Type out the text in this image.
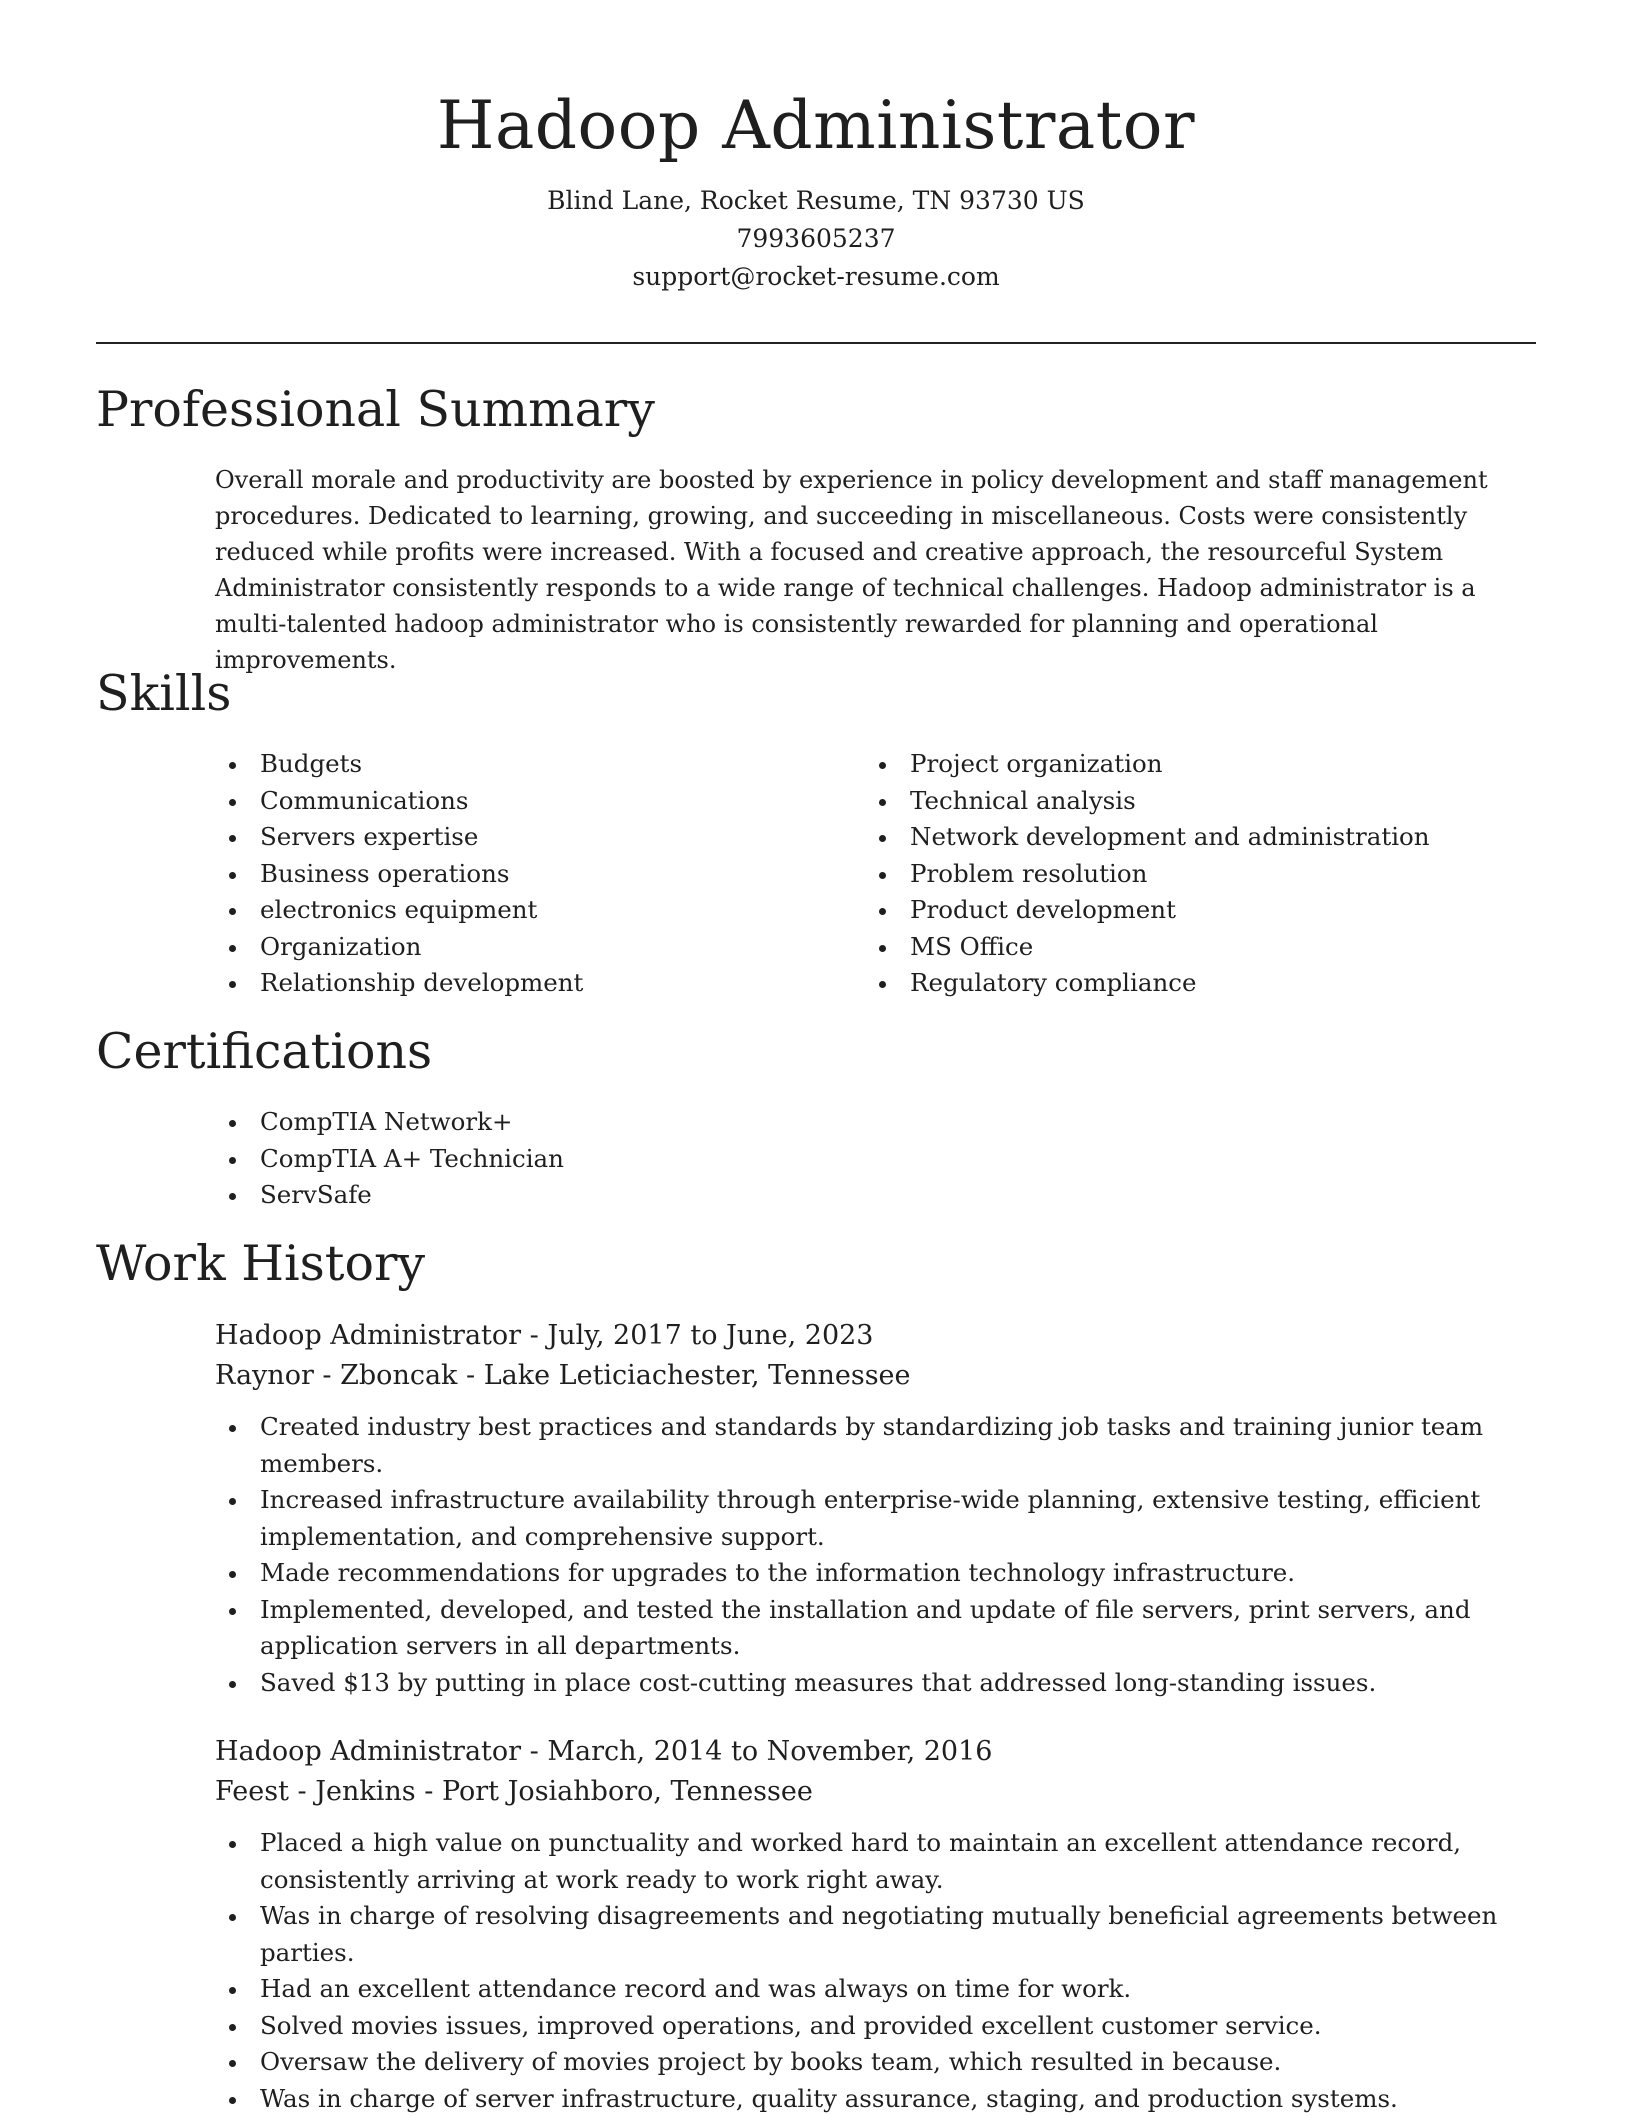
Hadoop Administrator
Blind Lane, Rocket Resume, TN 93730 US
7993605237
support@rocket-resume.com
Professional Summary

Overall morale and productivity are boosted by experience in policy development and staff management procedures. Dedicated to learning, growing, and succeeding in miscellaneous. Costs were consistently reduced while profits were increased. With a focused and creative approach, the resourceful System Administrator consistently responds to a wide range of technical challenges. Hadoop administrator is a multi-talented hadoop administrator who is consistently rewarded for planning and operational improvements.

Skills
Budgets
Communications
Servers expertise
Business operations
electronics equipment
Organization
Relationship development
Project organization
Technical analysis
Network development and administration
Problem resolution
Product development
MS Office
Regulatory compliance
Certifications
CompTIA Network+
CompTIA A+ Technician
ServSafe
Work History
Hadoop Administrator - July, 2017 to June, 2023
Raynor - Zboncak - Lake Leticiachester, Tennessee
Created industry best practices and standards by standardizing job tasks and training junior team members.
Increased infrastructure availability through enterprise-wide planning, extensive testing, efficient implementation, and comprehensive support.
Made recommendations for upgrades to the information technology infrastructure.
Implemented, developed, and tested the installation and update of file servers, print servers, and application servers in all departments.
Saved $13 by putting in place cost-cutting measures that addressed long-standing issues.
Hadoop Administrator - March, 2014 to November, 2016
Feest - Jenkins - Port Josiahboro, Tennessee
Placed a high value on punctuality and worked hard to maintain an excellent attendance record, consistently arriving at work ready to work right away.
Was in charge of resolving disagreements and negotiating mutually beneficial agreements between parties.
Had an excellent attendance record and was always on time for work.
Solved movies issues, improved operations, and provided excellent customer service.
Oversaw the delivery of movies project by books team, which resulted in because.
Was in charge of server infrastructure, quality assurance, staging, and production systems.
